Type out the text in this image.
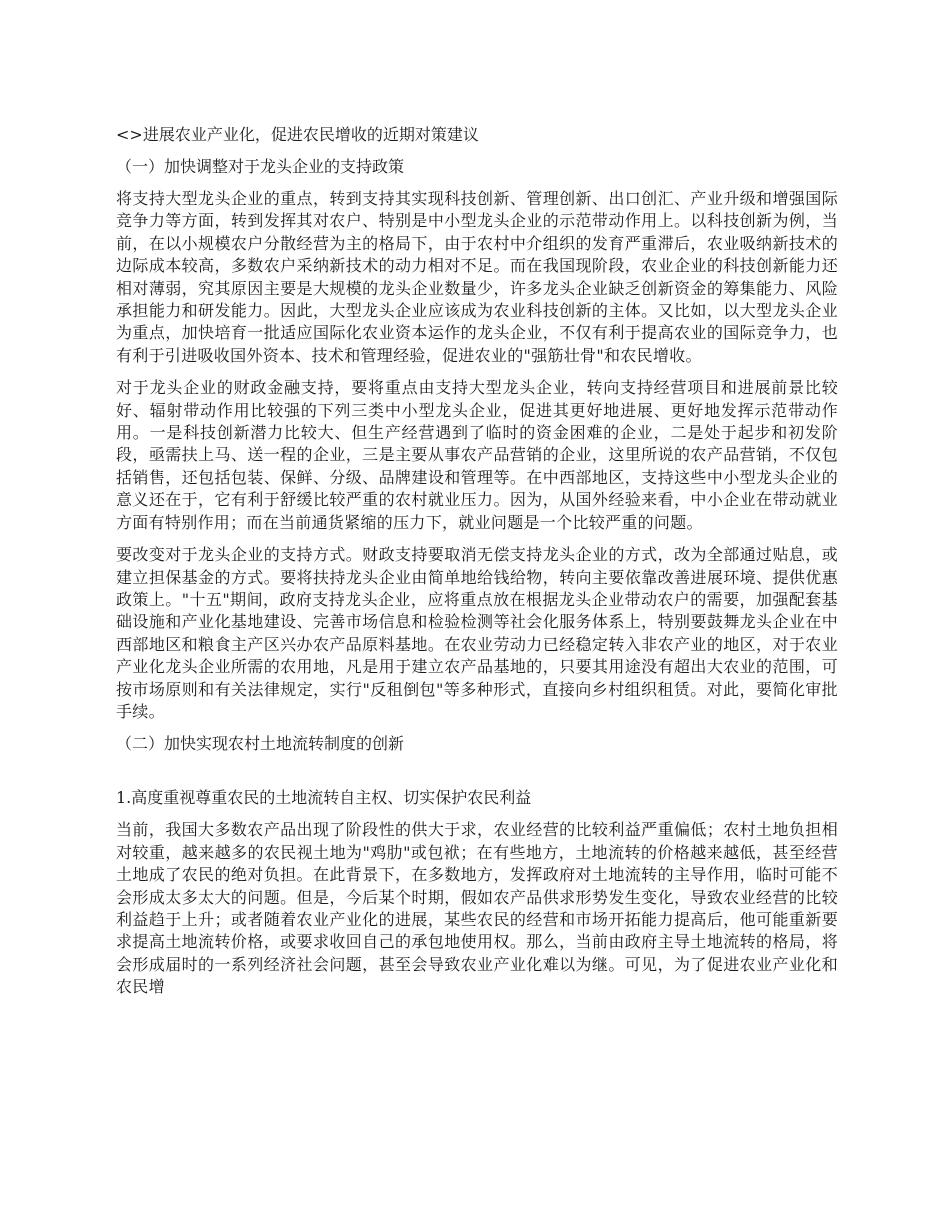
<>进展农业产业化，促进农民增收的近期对策建议
（一）加快调整对于龙头企业的支持政策

将支持大型龙头企业的重点，转到支持其实现科技创新、管理创新、出口创汇、产业升级和增强国际竞争力等方面，转到发挥其对农户、特别是中小型龙头企业的示范带动作用上。以科技创新为例，当前，在以小规模农户分散经营为主的格局下，由于农村中介组织的发育严重滞后，农业吸纳新技术的边际成本较高，多数农户采纳新技术的动力相对不足。而在我国现阶段，农业企业的科技创新能力还相对薄弱，究其原因主要是大规模的龙头企业数量少，许多龙头企业缺乏创新资金的筹集能力、风险承担能力和研发能力。因此，大型龙头企业应该成为农业科技创新的主体。又比如，以大型龙头企业为重点，加快培育一批适应国际化农业资本运作的龙头企业，不仅有利于提高农业的国际竞争力，也有利于引进吸收国外资本、技术和管理经验，促进农业的"强筋壮骨"和农民增收。

对于龙头企业的财政金融支持，要将重点由支持大型龙头企业，转向支持经营项目和进展前景比较好、辐射带动作用比较强的下列三类中小型龙头企业，促进其更好地进展、更好地发挥示范带动作用。一是科技创新潜力比较大、但生产经营遇到了临时的资金困难的企业，二是处于起步和初发阶段，亟需扶上马、送一程的企业，三是主要从事农产品营销的企业，这里所说的农产品营销，不仅包括销售，还包括包装、保鲜、分级、品牌建设和管理等。在中西部地区，支持这些中小型龙头企业的意义还在于，它有利于舒缓比较严重的农村就业压力。因为，从国外经验来看，中小企业在带动就业方面有特别作用；而在当前通货紧缩的压力下，就业问题是一个比较严重的问题。

要改变对于龙头企业的支持方式。财政支持要取消无偿支持龙头企业的方式，改为全部通过贴息，或建立担保基金的方式。要将扶持龙头企业由简单地给钱给物，转向主要依靠改善进展环境、提供优惠政策上。"十五"期间，政府支持龙头企业，应将重点放在根据龙头企业带动农户的需要，加强配套基础设施和产业化基地建设、完善市场信息和检验检测等社会化服务体系上，特别要鼓舞龙头企业在中西部地区和粮食主产区兴办农产品原料基地。在农业劳动力已经稳定转入非农产业的地区，对于农业产业化龙头企业所需的农用地，凡是用于建立农产品基地的，只要其用途没有超出大农业的范围，可按市场原则和有关法律规定，实行"反租倒包"等多种形式，直接向乡村组织租赁。对此，要简化审批手续。

（二）加快实现农村土地流转制度的创新
1.高度重视尊重农民的土地流转自主权、切实保护农民利益

当前，我国大多数农产品出现了阶段性的供大于求，农业经营的比较利益严重偏低；农村土地负担相对较重，越来越多的农民视土地为"鸡肋"或包袱；在有些地方，土地流转的价格越来越低，甚至经营土地成了农民的绝对负担。在此背景下，在多数地方，发挥政府对土地流转的主导作用，临时可能不会形成太多太大的问题。但是，今后某个时期，假如农产品供求形势发生变化，导致农业经营的比较利益趋于上升；或者随着农业产业化的进展，某些农民的经营和市场开拓能力提高后，他可能重新要求提高土地流转价格，或要求收回自己的承包地使用权。那么，当前由政府主导土地流转的格局，将会形成届时的一系列经济社会问题，甚至会导致农业产业化难以为继。可见，为了促进农业产业化和农民增
